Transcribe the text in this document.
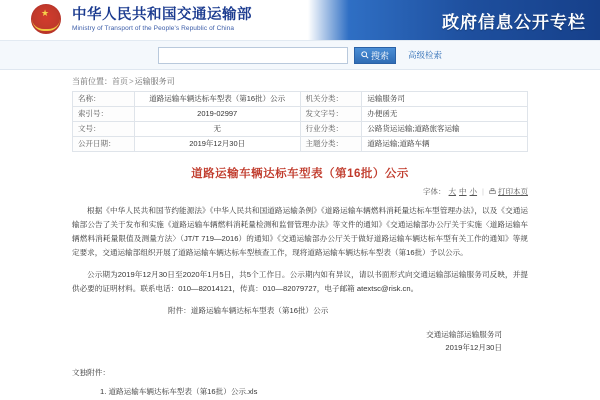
★ 中华人民共和国交通运输部
Ministry of Transport of the People's Republic of China	政府信息公开专栏
搜索 高级检索
当前位置：首页>运输服务司
名称：	道路运输车辆达标车型表（第16批）公示	机关分类：	运输服务司
索引号：	2019-02997	发文字号：	办便函无
文号：	无	行业分类：	公路货运运输;道路旅客运输
公开日期：	2019年12月30日	主题分类：	道路运输;道路车辆
道路运输车辆达标车型表（第16批）公示
字体： 大 中 小 | 打印本页

根据《中华人民共和国节约能源法》《中华人民共和国道路运输条例》《道路运输车辆燃料消耗量达标车型管理办法》，以及《交通运输部公告了关于发布和实施《道路运输车辆燃料消耗量检测和监督管理办法》等文件的通知》《交通运输部办公厅关于实施〈道路运输车辆燃料消耗量限值及测量方法〉（JT/T 719—2016）的通知》《交通运输部办公厅关于做好道路运输车辆达标车型有关工作的通知》等规定要求，交通运输部组织开展了道路运输车辆达标车型核查工作，现将道路运输车辆达标车型表（第16批）予以公示。

公示期为2019年12月30日至2020年1月5日，共5个工作日。公示期内如有异议，请以书面形式向交通运输部运输服务司反映，并提供必要的证明材料。联系电话：010—82014121，传真：010—82079727，电子邮箱 atextsc@risk.cn。

附件：道路运输车辆达标车型表（第16批）公示
交通运输部运输服务司
2019年12月30日
文独附件：
1. 道路运输车辆达标车型表（第16批）公示.xls
